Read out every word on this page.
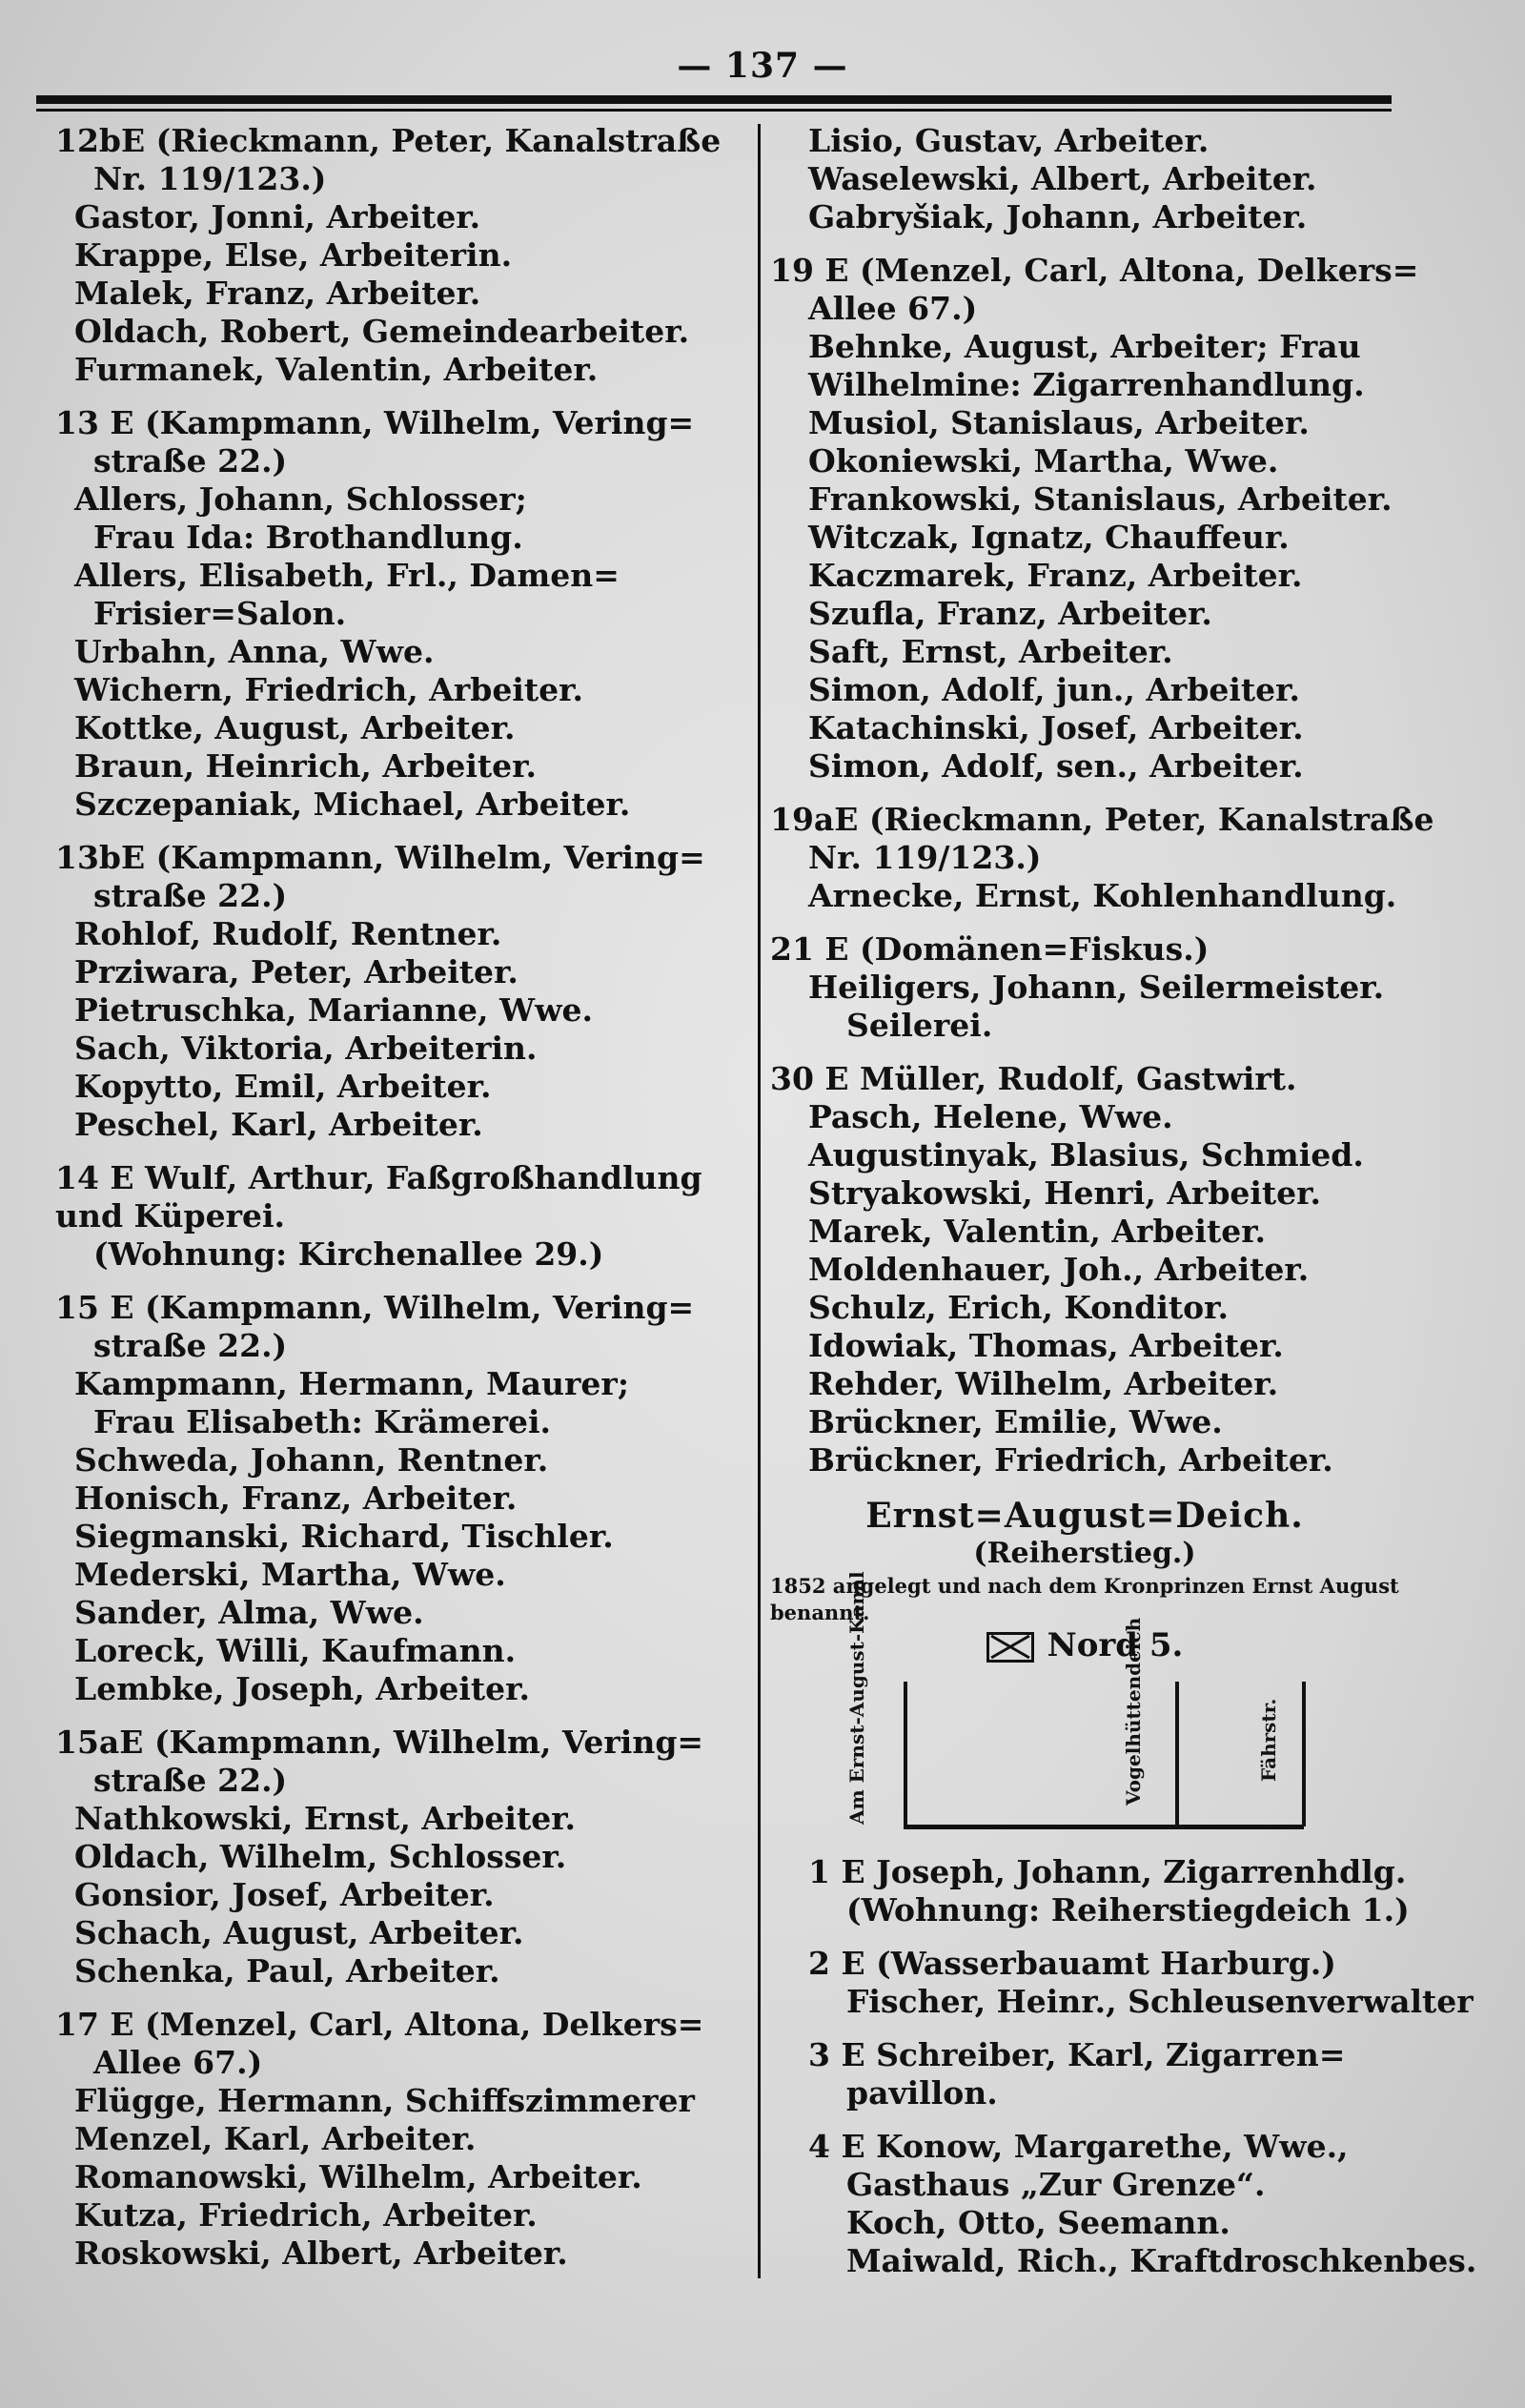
— 137 —
12bE (Rieckmann, Peter, Kanalstraße
Nr. 119/123.)
Gastor, Jonni, Arbeiter.
Krappe, Else, Arbeiterin.
Malek, Franz, Arbeiter.
Oldach, Robert, Gemeindearbeiter.
Furmanek, Valentin, Arbeiter.
13 E (Kampmann, Wilhelm, Vering=
straße 22.)
Allers, Johann, Schlosser;
Frau Ida: Brothandlung.
Allers, Elisabeth, Frl., Damen=
Frisier=Salon.
Urbahn, Anna, Wwe.
Wichern, Friedrich, Arbeiter.
Kottke, August, Arbeiter.
Braun, Heinrich, Arbeiter.
Szczepaniak, Michael, Arbeiter.
13bE (Kampmann, Wilhelm, Vering=
straße 22.)
Rohlof, Rudolf, Rentner.
Prziwara, Peter, Arbeiter.
Pietruschka, Marianne, Wwe.
Sach, Viktoria, Arbeiterin.
Kopytto, Emil, Arbeiter.
Peschel, Karl, Arbeiter.
14 E Wulf, Arthur, Faßgroßhandlung
und Küperei.
(Wohnung: Kirchenallee 29.)
15 E (Kampmann, Wilhelm, Vering=
straße 22.)
Kampmann, Hermann, Maurer;
Frau Elisabeth: Krämerei.
Schweda, Johann, Rentner.
Honisch, Franz, Arbeiter.
Siegmanski, Richard, Tischler.
Mederski, Martha, Wwe.
Sander, Alma, Wwe.
Loreck, Willi, Kaufmann.
Lembke, Joseph, Arbeiter.
15aE (Kampmann, Wilhelm, Vering=
straße 22.)
Nathkowski, Ernst, Arbeiter.
Oldach, Wilhelm, Schlosser.
Gonsior, Josef, Arbeiter.
Schach, August, Arbeiter.
Schenka, Paul, Arbeiter.
17 E (Menzel, Carl, Altona, Delkers=
Allee 67.)
Flügge, Hermann, Schiffszimmerer
Menzel, Karl, Arbeiter.
Romanowski, Wilhelm, Arbeiter.
Kutza, Friedrich, Arbeiter.
Roskowski, Albert, Arbeiter.
Lisio, Gustav, Arbeiter.
Waselewski, Albert, Arbeiter.
Gabryšiak, Johann, Arbeiter.
19 E (Menzel, Carl, Altona, Delkers=
Allee 67.)
Behnke, August, Arbeiter; Frau
Wilhelmine: Zigarrenhandlung.
Musiol, Stanislaus, Arbeiter.
Okoniewski, Martha, Wwe.
Frankowski, Stanislaus, Arbeiter.
Witczak, Ignatz, Chauffeur.
Kaczmarek, Franz, Arbeiter.
Szufla, Franz, Arbeiter.
Saft, Ernst, Arbeiter.
Simon, Adolf, jun., Arbeiter.
Katachinski, Josef, Arbeiter.
Simon, Adolf, sen., Arbeiter.
19aE (Rieckmann, Peter, Kanalstraße
Nr. 119/123.)
Arnecke, Ernst, Kohlenhandlung.
21 E (Domänen=Fiskus.)
Heiligers, Johann, Seilermeister.
Seilerei.
30 E Müller, Rudolf, Gastwirt.
Pasch, Helene, Wwe.
Augustinyak, Blasius, Schmied.
Stryakowski, Henri, Arbeiter.
Marek, Valentin, Arbeiter.
Moldenhauer, Joh., Arbeiter.
Schulz, Erich, Konditor.
Idowiak, Thomas, Arbeiter.
Rehder, Wilhelm, Arbeiter.
Brückner, Emilie, Wwe.
Brückner, Friedrich, Arbeiter.
Ernst=August=Deich.
(Reiherstieg.)
1852 angelegt und nach dem Kronprinzen Ernst August benannt.
Nord 5.
Am Ernst-August-Kanal	Vogelhüttendeich	Fährstr.
1 E Joseph, Johann, Zigarrenhdlg.
(Wohnung: Reiherstiegdeich 1.)
2 E (Wasserbauamt Harburg.)
Fischer, Heinr., Schleusenverwalter
3 E Schreiber, Karl, Zigarren=
pavillon.
4 E Konow, Margarethe, Wwe.,
Gasthaus „Zur Grenze“.
Koch, Otto, Seemann.
Maiwald, Rich., Kraftdroschkenbes.
